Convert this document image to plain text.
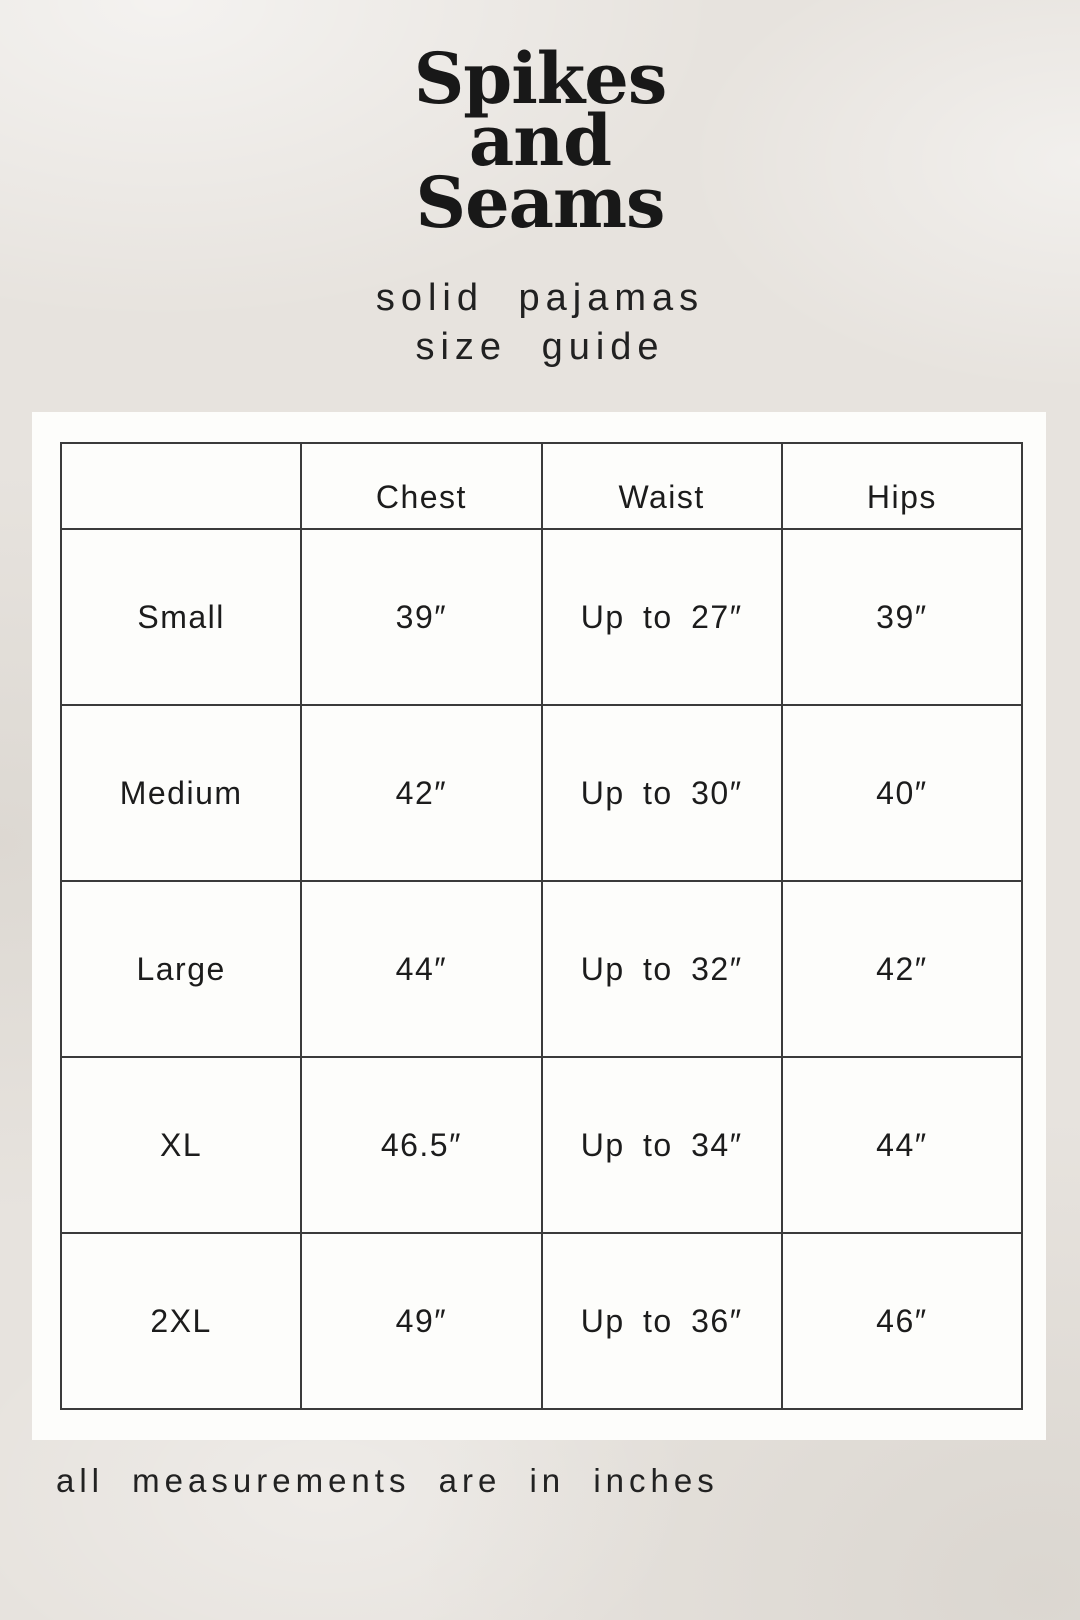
Spikes
and
Seams
solid pajamas
size guide
	Chest	Waist	Hips
Small	39″	Up to 27″	39″
Medium	42″	Up to 30″	40″
Large	44″	Up to 32″	42″
XL	46.5″	Up to 34″	44″
2XL	49″	Up to 36″	46″
all measurements are in inches
